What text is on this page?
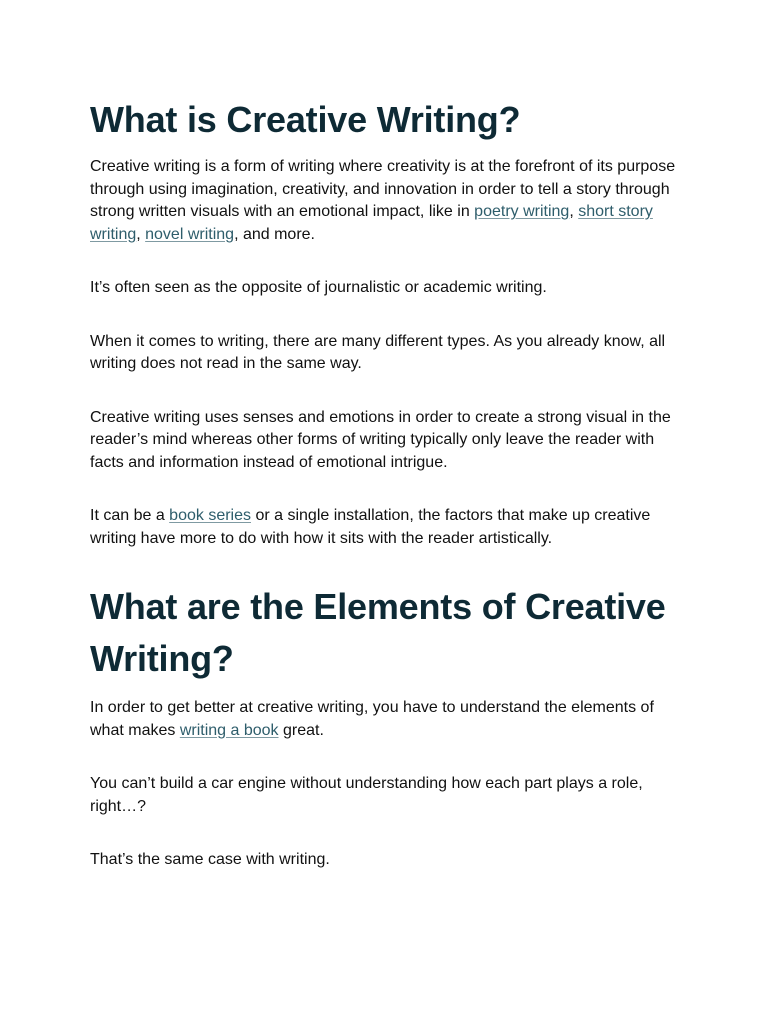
What is Creative Writing?

Creative writing is a form of writing where creativity is at the forefront of its purpose through using imagination, creativity, and innovation in order to tell a story through strong written visuals with an emotional impact, like in poetry writing, short story writing, novel writing, and more.

It’s often seen as the opposite of journalistic or academic writing.

When it comes to writing, there are many different types. As you already know, all writing does not read in the same way.

Creative writing uses senses and emotions in order to create a strong visual in the reader’s mind whereas other forms of writing typically only leave the reader with facts and information instead of emotional intrigue.

It can be a book series or a single installation, the factors that make up creative writing have more to do with how it sits with the reader artistically.

What are the Elements of Creative Writing?

In order to get better at creative writing, you have to understand the elements of what makes writing a book great.

You can’t build a car engine without understanding how each part plays a role, right…?

That’s the same case with writing.
